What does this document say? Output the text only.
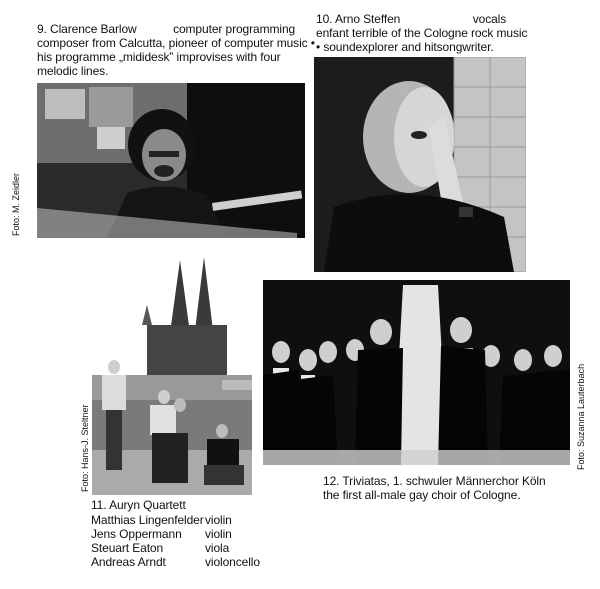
9. Clarence Barlow	computer programming
composer from Calcutta, pioneer of computer music •
his programme „midideskˮ improvises with four
melodic lines.
10. Arno Steffen	vocals
enfant terrible of the Cologne rock music
• soundexplorer and hitsongwriter.
Foto: M. Zeidler
Foto: Hans-J. Steltner	Foto: Suzanna Lauterbach
12. Triviatas, 1. schwuler Männerchor Köln
the first all-male gay choir of Cologne.
11. Auryn Quartett
Matthias Lingenfelder	violin
Jens Oppermann	violin
Steuart Eaton	viola
Andreas Arndt	violoncello
